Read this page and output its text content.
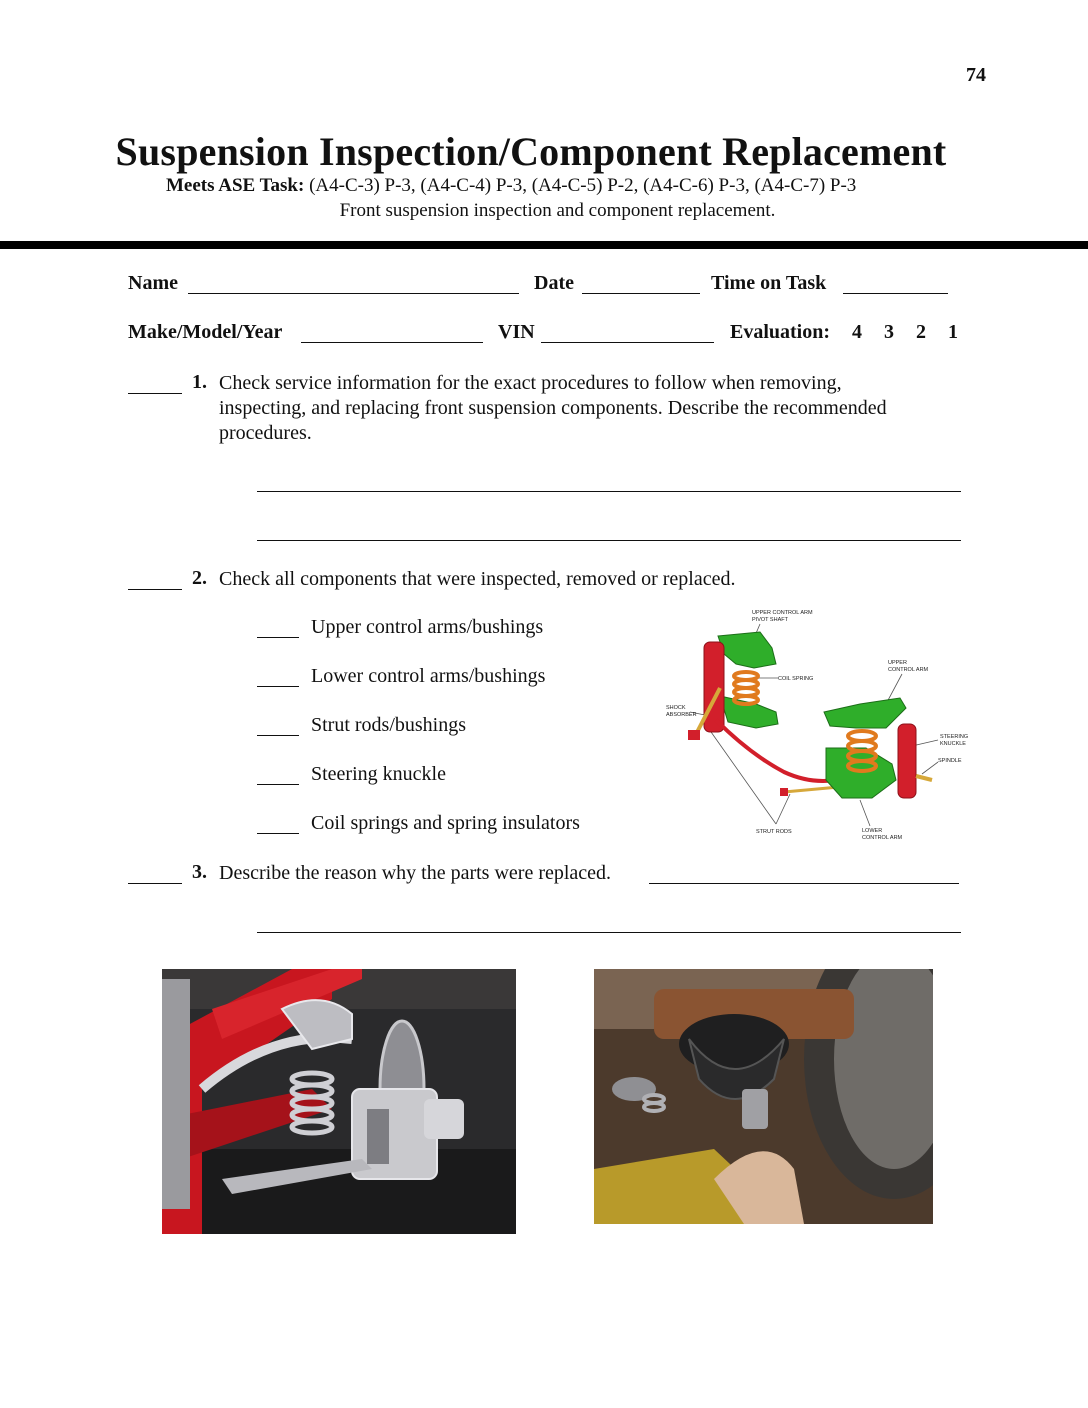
74
Suspension Inspection/Component Replacement
Meets ASE Task: (A4-C-3) P-3, (A4-C-4) P-3, (A4-C-5) P-2, (A4-C-6) P-3, (A4-C-7) P-3
Front suspension inspection and component replacement.
Name	Date	Time on Task
Make/Model/Year	VIN	Evaluation: 4 3 2 1
1. Check service information for the exact procedures to follow when removing,
inspecting, and replacing front suspension components. Describe the recommended
procedures.
2. Check all components that were inspected, removed or replaced.
Upper control arms/bushings
Lower control arms/bushings
Strut rods/bushings
Steering knuckle
Coil springs and spring insulators
UPPER CONTROL ARM
PIVOT SHAFT
COIL SPRING
UPPER
CONTROL ARM
SHOCK
ABSORBER
STEERING
KNUCKLE
SPINDLE
STRUT RODS	LOWER
CONTROL ARM
3. Describe the reason why the parts were replaced.
